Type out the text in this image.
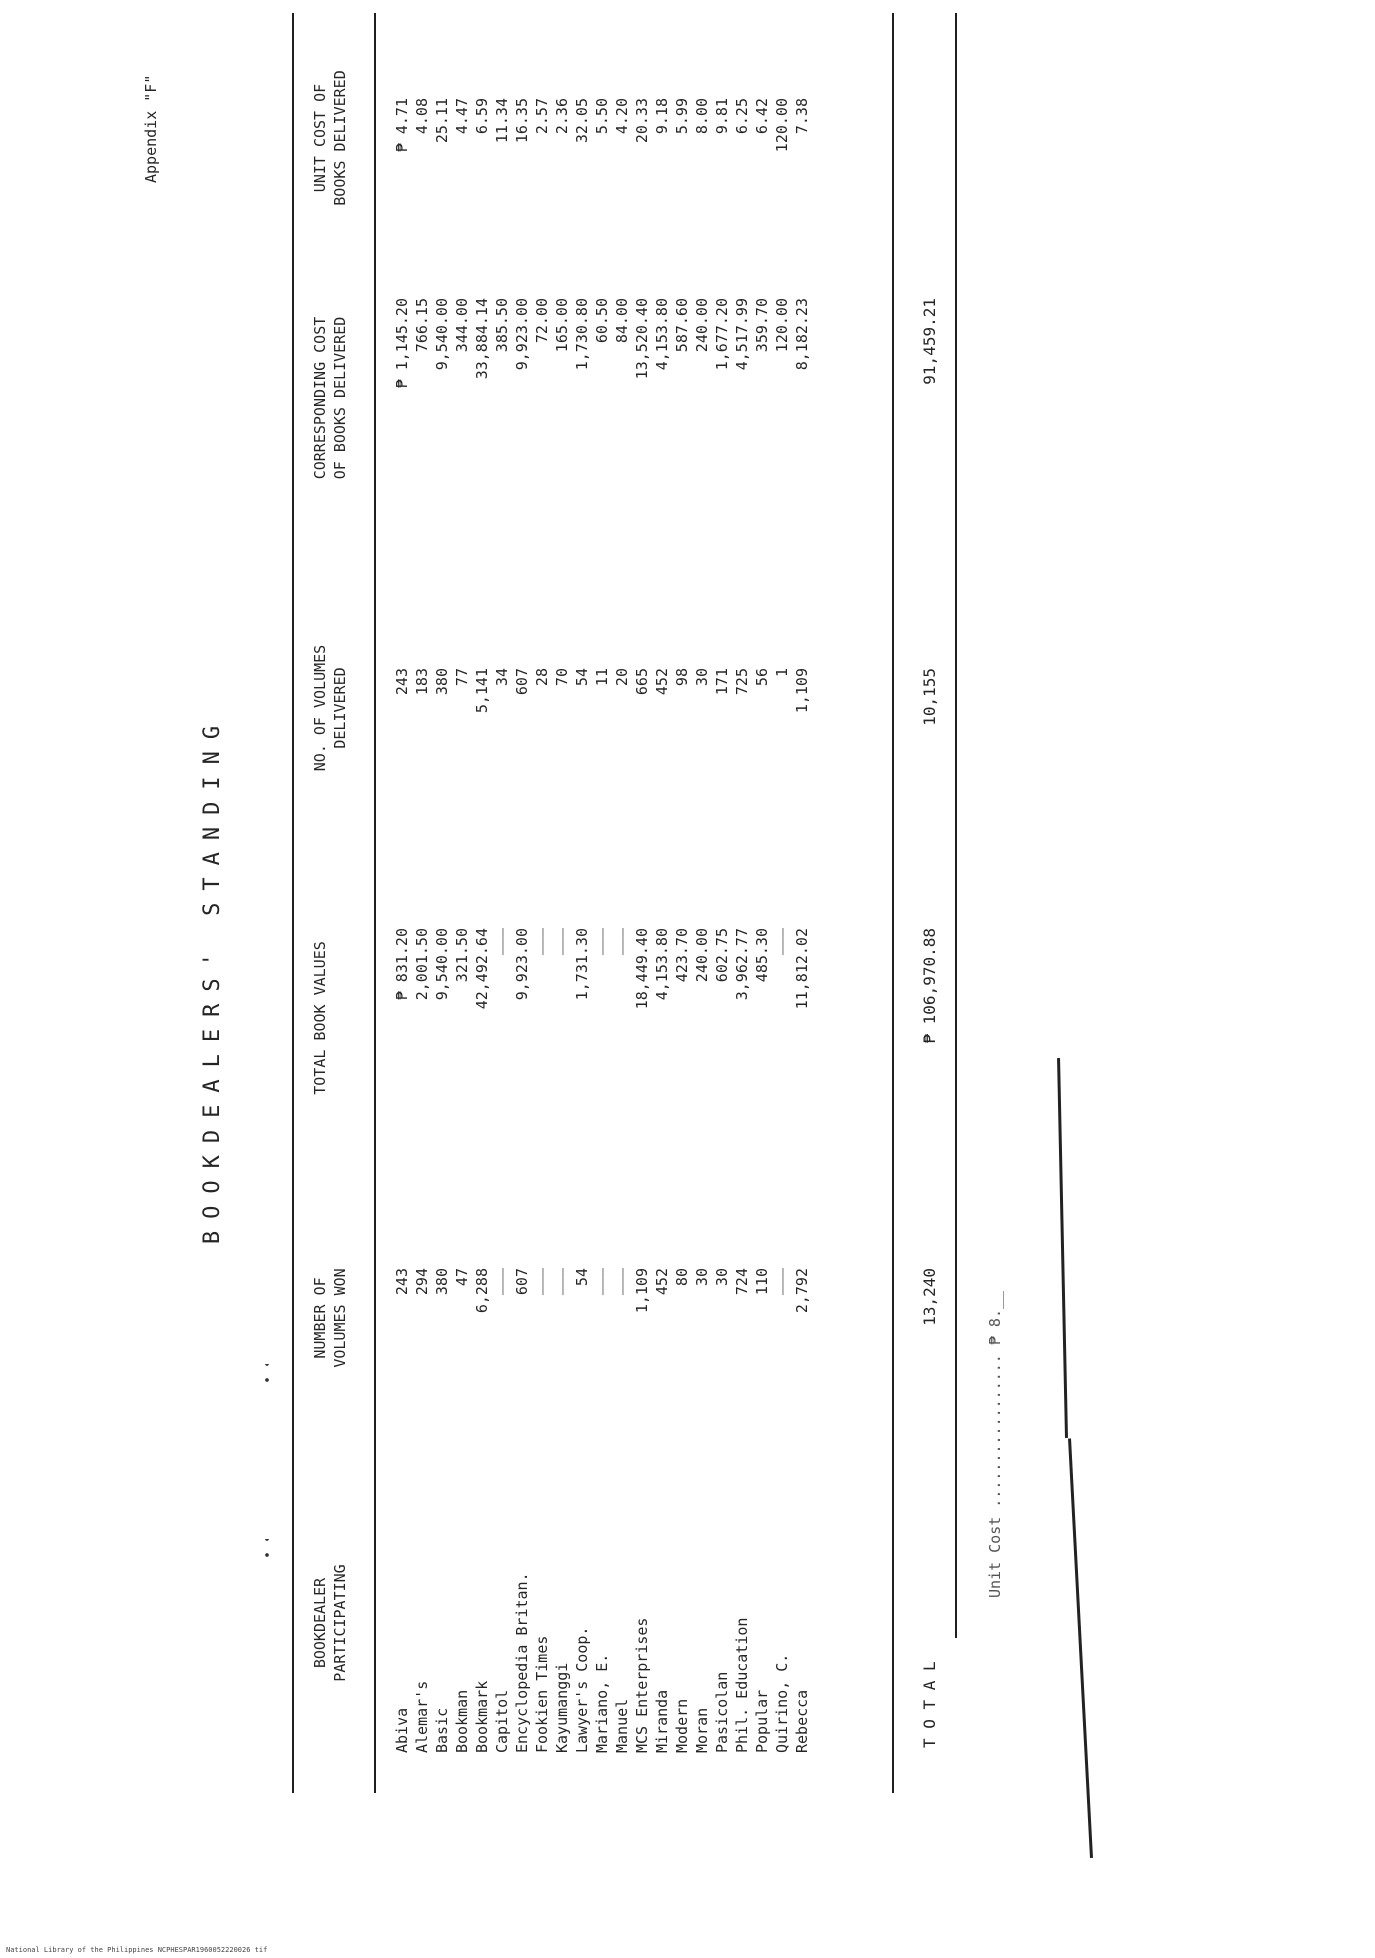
BOOKDEALERS' STANDING
Appendix "F"
BOOKDEALER
PARTICIPATING
NUMBER OF
VOLUMES WON
TOTAL BOOK VALUES
NO. OF VOLUMES
DELIVERED
CORRESPONDING COST
OF BOOKS DELIVERED
UNIT COST OF
BOOKS DELIVERED
Abiva Alemar's Basic Bookman Bookmark Capitol Encyclopedia Britan. Fookien Times Kayumanggi Lawyer's Coop. Mariano, E. Manuel MCS Enterprises Miranda Modern Moran Pasicolan Phil. Education Popular Quirino, C. Rebecca
243 294 380 47 6,288 ——— 607 ——— ——— 54 ——— ——— 1,109 452 80 30 30 724 110 ——— 2,792
₱ 831.20 2,001.50 9,540.00 321.50 42,492.64 ——— 9,923.00 ——— ——— 1,731.30 ——— ——— 18,449.40 4,153.80 423.70 240.00 602.75 3,962.77 485.30 ——— 11,812.02
243 183 380 77 5,141 34 607 28 70 54 11 20 665 452 98 30 171 725 56 1 1,109
₱ 1,145.20 766.15 9,540.00 344.00 33,884.14 385.50 9,923.00 72.00 165.00 1,730.80 60.50 84.00 13,520.40 4,153.80 587.60 240.00 1,677.20 4,517.99 359.70 120.00 8,182.23
₱ 4.71 4.08 25.11 4.47 6.59 11.34 16.35 2.57 2.36 32.05 5.50 4.20 20.33 9.18 5.99 8.00 9.81 6.25 6.42 120.00 7.38
T O T A L
13,240
₱ 106,970.88
10,155
91,459.21
Unit Cost ................. ₱ 8.__
National Library of the Philippines NCPHESPAR1960052220026 tif
